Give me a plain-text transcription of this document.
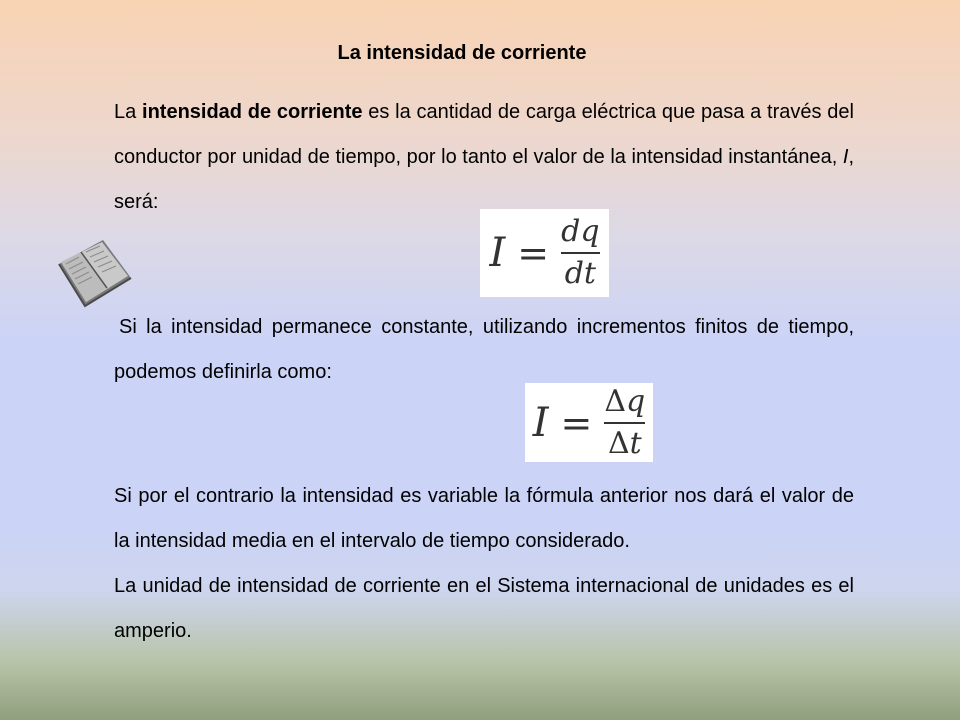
La intensidad de corriente

La intensidad de corriente es la cantidad de carga eléctrica que pasa a través del conductor por unidad de tiempo, por lo tanto el valor de la intensidad instantánea, I, será:

$I = \frac{dq}{dt}$

Si la intensidad permanece constante, utilizando incrementos finitos de tiempo, podemos definirla como:

$I = \frac{\Delta q}{\Delta t}$

Si por el contrario la intensidad es variable la fórmula anterior nos dará el valor de la intensidad media en el intervalo de tiempo considerado.

La unidad de intensidad de corriente en el Sistema internacional de unidades es el amperio.
